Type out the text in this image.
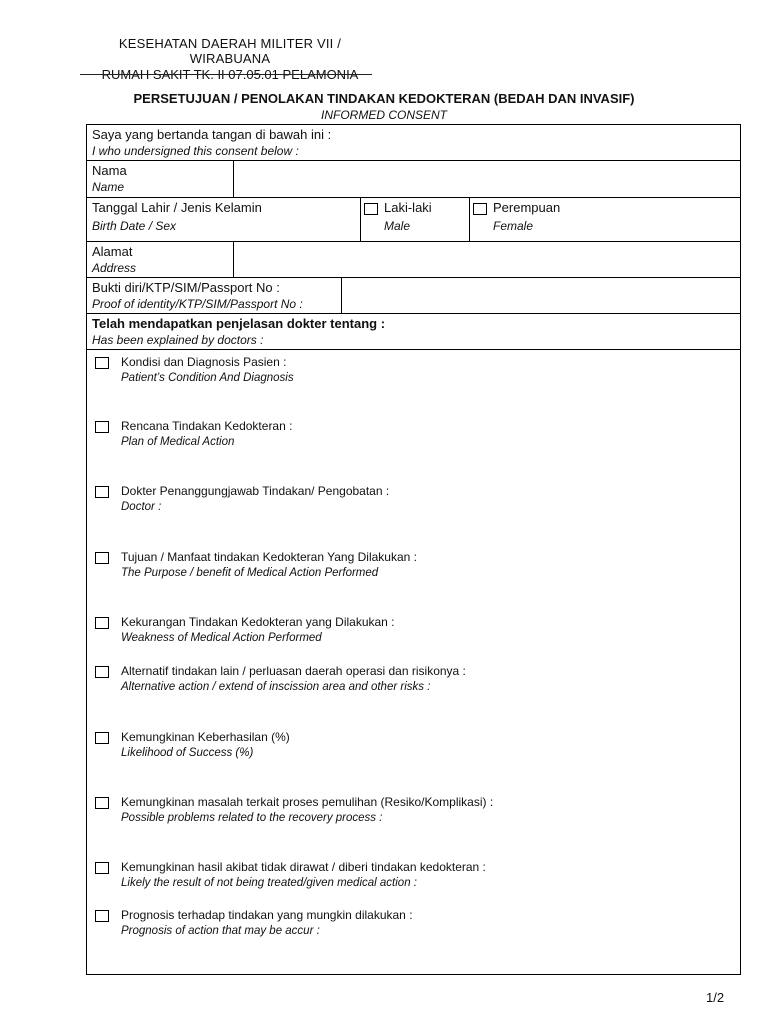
KESEHATAN DAERAH MILITER VII / WIRABUANA
RUMAH SAKIT TK. II 07.05.01 PELAMONIA
PERSETUJUAN / PENOLAKAN TINDAKAN KEDOKTERAN (BEDAH DAN INVASIF)
INFORMED CONSENT
Saya yang bertanda tangan di bawah ini :
I who undersigned this consent below :
Nama
Name
Tanggal Lahir / Jenis Kelamin
Birth Date / Sex
Laki-laki
Male
Perempuan
Female
Alamat
Address
Bukti diri/KTP/SIM/Passport No :
Proof of identity/KTP/SIM/Passport No :
Telah mendapatkan penjelasan dokter tentang :
Has been explained by doctors :
Kondisi dan Diagnosis Pasien :
Patient’s Condition And Diagnosis
Rencana Tindakan Kedokteran :
Plan of Medical Action
Dokter Penanggungjawab Tindakan/ Pengobatan :
Doctor :
Tujuan / Manfaat tindakan Kedokteran Yang Dilakukan :
The Purpose / benefit of Medical Action Performed
Kekurangan Tindakan Kedokteran yang Dilakukan :
Weakness of Medical Action Performed
Alternatif tindakan lain / perluasan daerah operasi dan risikonya :
Alternative action / extend of inscission area and other risks :
Kemungkinan Keberhasilan (%)
Likelihood of Success (%)
Kemungkinan masalah terkait proses pemulihan (Resiko/Komplikasi) :
Possible problems related to the recovery process :
Kemungkinan hasil akibat tidak dirawat / diberi tindakan kedokteran :
Likely the result of not being treated/given medical action :
Prognosis terhadap tindakan yang mungkin dilakukan :
Prognosis of action that may be accur :
1/2
